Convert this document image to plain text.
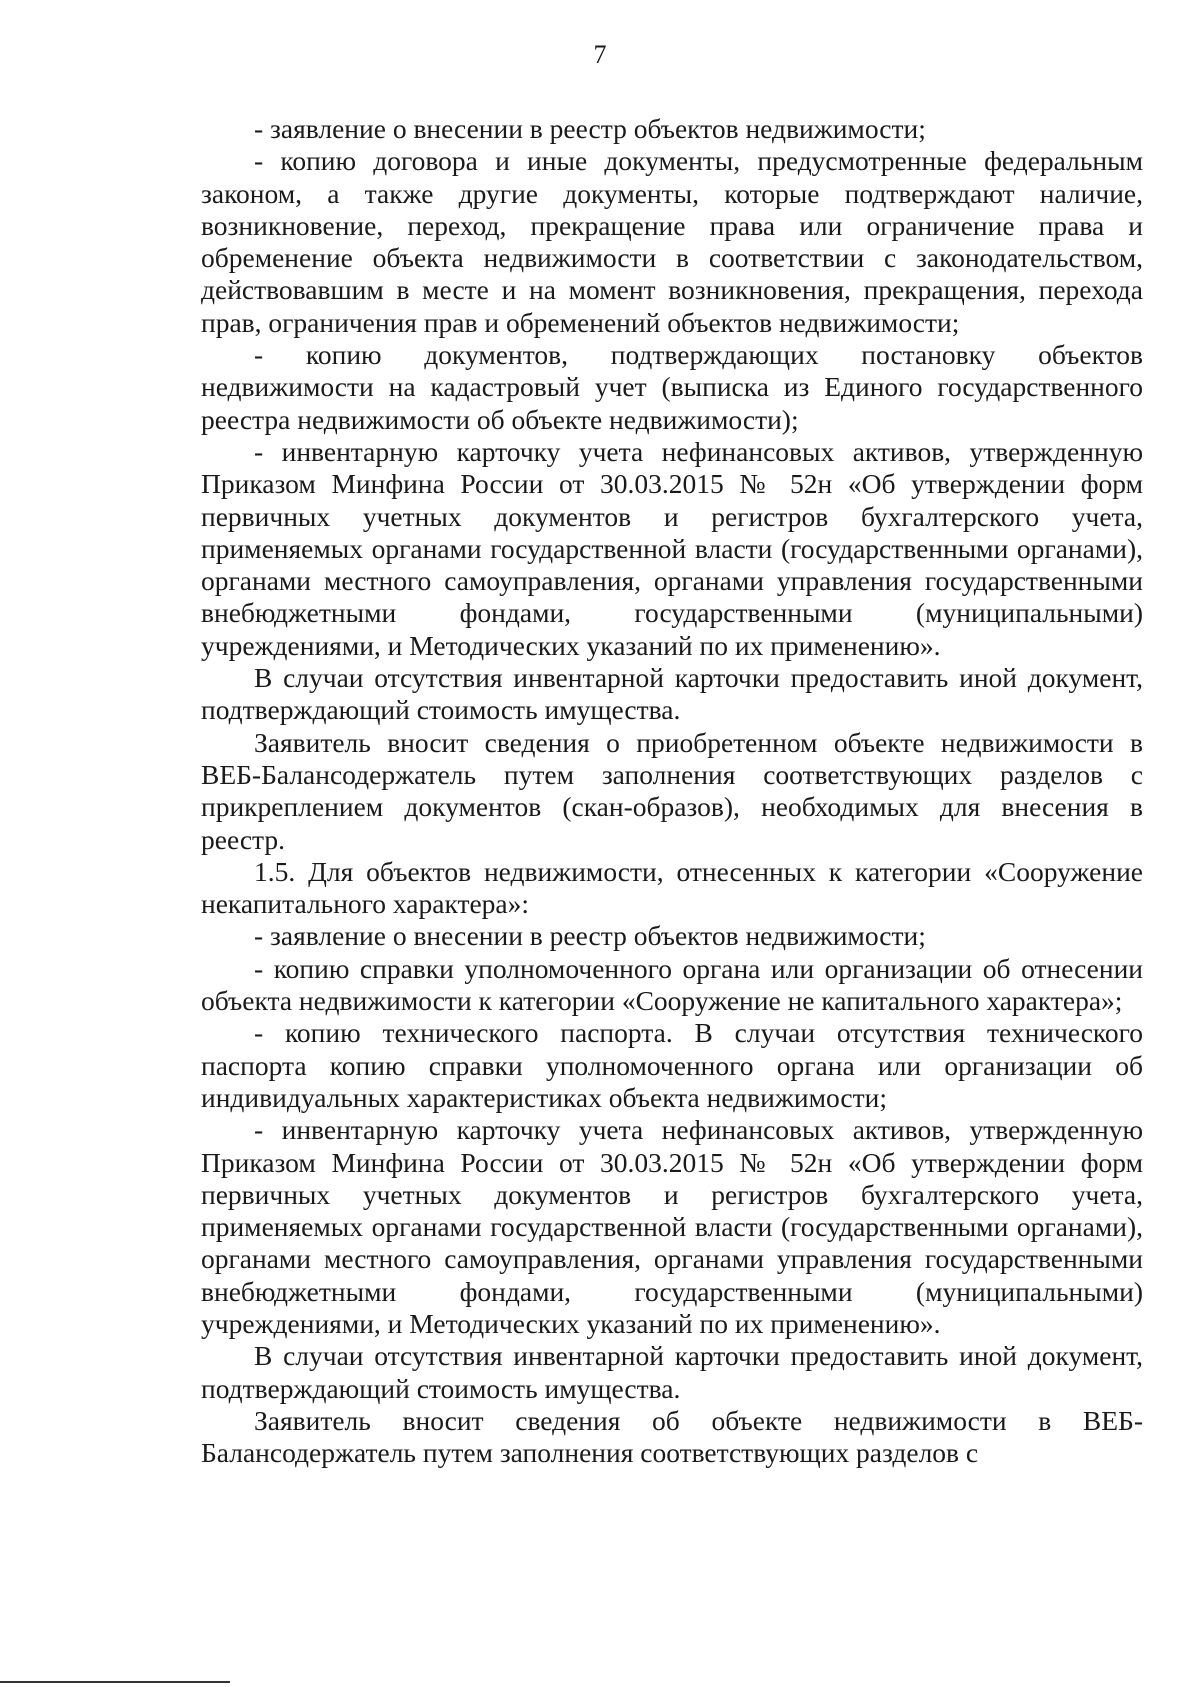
7

- заявление о внесении в реестр объектов недвижимости;

- копию договора и иные документы, предусмотренные федеральным законом, а также другие документы, которые подтверждают наличие, возникновение, переход, прекращение права или ограничение права и обременение объекта недвижимости в соответствии с законодательством, действовавшим в месте и на момент возникновения, прекращения, перехода прав, ограничения прав и обременений объектов недвижимости;

- копию документов, подтверждающих постановку объектов недвижимости на кадастровый учет (выписка из Единого государственного реестра недвижимости об объекте недвижимости);

- инвентарную карточку учета нефинансовых активов, утвержденную Приказом Минфина России от 30.03.2015 № 52н «Об утверждении форм первичных учетных документов и регистров бухгалтерского учета, применяемых органами государственной власти (государственными органами), органами местного самоуправления, органами управления государственными внебюджетными фондами, государственными (муниципальными) учреждениями, и Методических указаний по их применению».

В случаи отсутствия инвентарной карточки предоставить иной документ, подтверждающий стоимость имущества.

Заявитель вносит сведения о приобретенном объекте недвижимости в ВЕБ-Балансодержатель путем заполнения соответствующих разделов с прикреплением документов (скан-образов), необходимых для внесения в реестр.

1.5. Для объектов недвижимости, отнесенных к категории «Сооружение некапитального характера»:

- заявление о внесении в реестр объектов недвижимости;

- копию справки уполномоченного органа или организации об отнесении объекта недвижимости к категории «Сооружение не капитального характера»;

- копию технического паспорта. В случаи отсутствия технического паспорта копию справки уполномоченного органа или организации об индивидуальных характеристиках объекта недвижимости;

- инвентарную карточку учета нефинансовых активов, утвержденную Приказом Минфина России от 30.03.2015 № 52н «Об утверждении форм первичных учетных документов и регистров бухгалтерского учета, применяемых органами государственной власти (государственными органами), органами местного самоуправления, органами управления государственными внебюджетными фондами, государственными (муниципальными) учреждениями, и Методических указаний по их применению».

В случаи отсутствия инвентарной карточки предоставить иной документ, подтверждающий стоимость имущества.

Заявитель вносит сведения об объекте недвижимости в ВЕБ-Балансодержатель путем заполнения соответствующих разделов с
